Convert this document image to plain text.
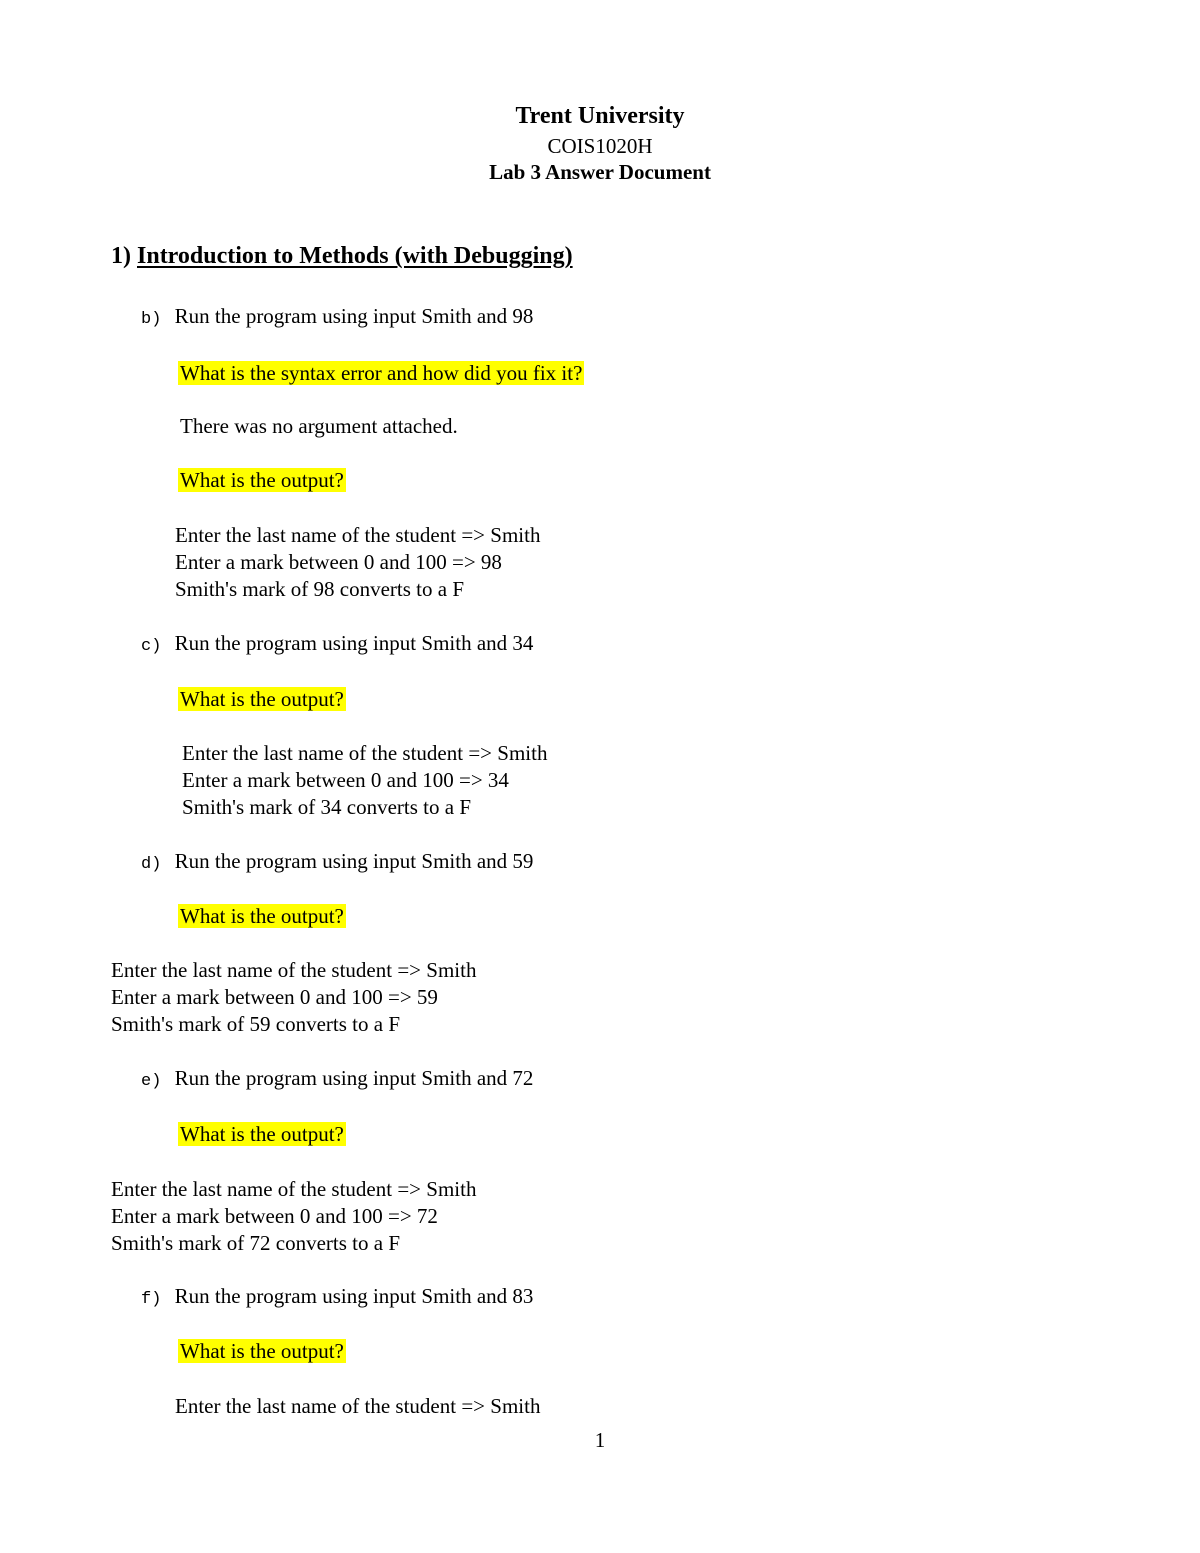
Trent University
COIS1020H
Lab 3 Answer Document
1) Introduction to Methods (with Debugging)
b) Run the program using input Smith and 98
What is the syntax error and how did you fix it?
There was no argument attached.
What is the output?
Enter the last name of the student => Smith
Enter a mark between 0 and 100 => 98
Smith's mark of 98 converts to a F
c) Run the program using input Smith and 34
What is the output?
Enter the last name of the student => Smith
Enter a mark between 0 and 100 => 34
Smith's mark of 34 converts to a F
d) Run the program using input Smith and 59
What is the output?
Enter the last name of the student => Smith
Enter a mark between 0 and 100 => 59
Smith's mark of 59 converts to a F
e) Run the program using input Smith and 72
What is the output?
Enter the last name of the student => Smith
Enter a mark between 0 and 100 => 72
Smith's mark of 72 converts to a F
f) Run the program using input Smith and 83
What is the output?
Enter the last name of the student => Smith
1
